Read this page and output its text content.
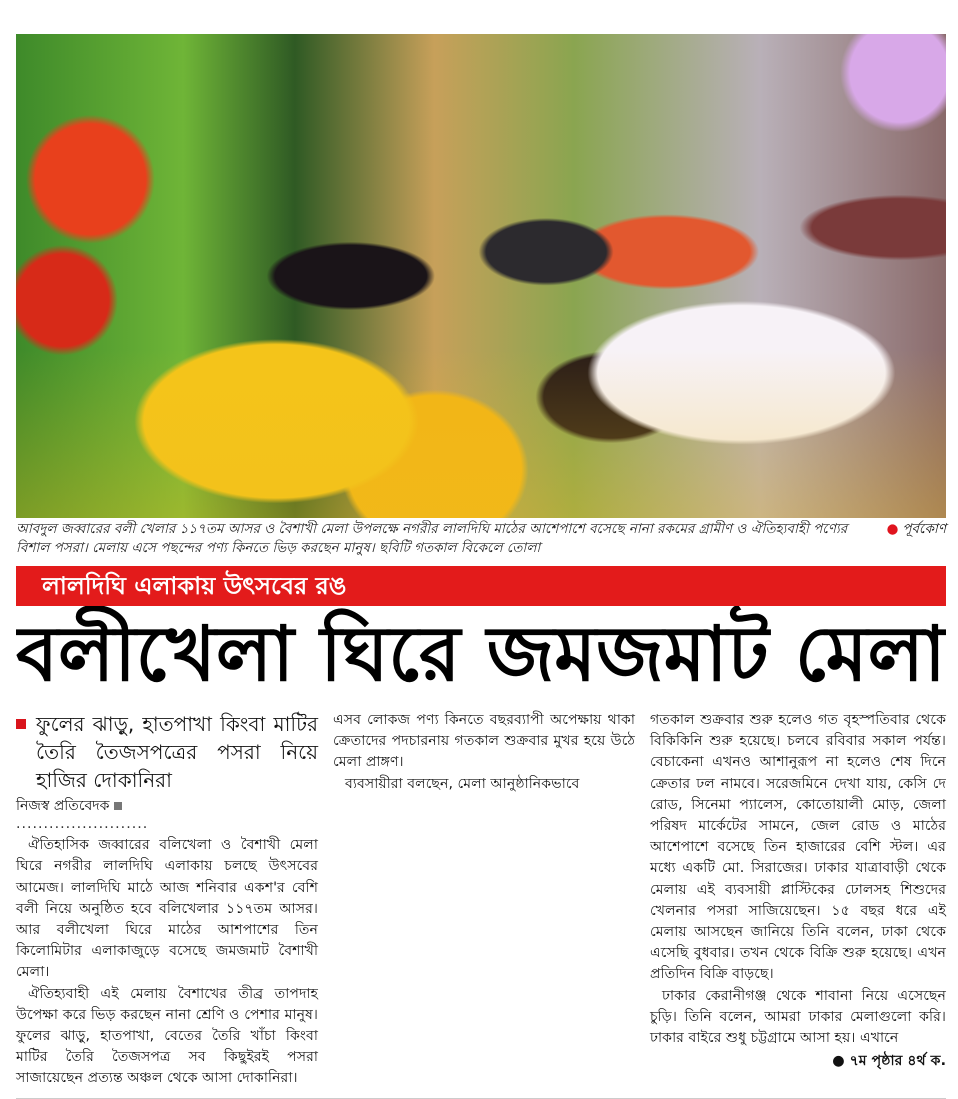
● পূর্বকোণ
আবদুল জব্বারের বলী খেলার ১১৭তম আসর ও বৈশাখী মেলা উপলক্ষে নগরীর লালদিঘি মাঠের আশেপাশে বসেছে নানা রকমের গ্রামীণ ও ঐতিহ্যবাহী পণ্যের বিশাল পসরা। মেলায় এসে পছন্দের পণ্য কিনতে ভিড় করছেন মানুষ। ছবিটি গতকাল বিকেলে তোলা
লালদিঘি এলাকায় উৎসবের রঙ
বলীখেলা ঘিরে জমজমাট মেলা
ফুলের ঝাড়ু, হাতপাখা কিংবা মাটির তৈরি তৈজসপত্রের পসরা নিয়ে হাজির দোকানিরা
নিজস্ব প্রতিবেদক
........................

ঐতিহাসিক জব্বারের বলিখেলা ও বৈশাখী মেলা ঘিরে নগরীর লালদিঘি এলাকায় চলছে উৎসবের আমেজ। লালদিঘি মাঠে আজ শনিবার একশ'র বেশি বলী নিয়ে অনুষ্ঠিত হবে বলিখেলার ১১৭তম আসর। আর বলীখেলা ঘিরে মাঠের আশপাশের তিন কিলোমিটার এলাকাজুড়ে বসেছে জমজমাট বৈশাখী মেলা।

ঐতিহ্যবাহী এই মেলায় বৈশাখের তীব্র তাপদাহ উপেক্ষা করে ভিড় করছেন নানা শ্রেণি ও পেশার মানুষ। ফুলের ঝাড়ু, হাতপাখা, বেতের তৈরি খাঁচা কিংবা মাটির তৈরি তৈজসপত্র সব কিছুইরই পসরা সাজায়েছেন প্রত্যন্ত অঞ্চল থেকে আসা দোকানিরা।

এসব লোকজ পণ্য কিনতে বছরব্যাপী অপেক্ষায় থাকা ক্রেতাদের পদচারনায় গতকাল শুক্রবার মুখর হয়ে উঠে মেলা প্রাঙ্গণ।

ব্যবসায়ীরা বলছেন, মেলা আনুষ্ঠানিকভাবে

গতকাল শুক্রবার শুরু হলেও গত বৃহস্পতিবার থেকে বিকিকিনি শুরু হয়েছে। চলবে রবিবার সকাল পর্যন্ত। বেচাকেনা এখনও আশানুরূপ না হলেও শেষ দিনে ক্রেতার ঢল নামবে। সরেজমিনে দেখা যায়, কেসি দে রোড, সিনেমা প্যালেস, কোতোয়ালী মোড়, জেলা পরিষদ মার্কেটের সামনে, জেল রোড ও মাঠের আশেপাশে বসেছে তিন হাজারের বেশি স্টল। এর মধ্যে একটি মো. সিরাজের। ঢাকার যাত্রাবাড়ী থেকে মেলায় এই ব্যবসায়ী প্লাস্টিকের ঢোলসহ শিশুদের খেলনার পসরা সাজিয়েছেন। ১৫ বছর ধরে এই মেলায় আসছেন জানিয়ে তিনি বলেন, ঢাকা থেকে এসেছি বুধবার। তখন থেকে বিক্রি শুরু হয়েছে। এখন প্রতিদিন বিক্রি বাড়ছে।

ঢাকার কেরানীগঞ্জ থেকে শাবানা নিয়ে এসেছেন চুড়ি। তিনি বলেন, আমরা ঢাকার মেলাগুলো করি। ঢাকার বাইরে শুধু চট্টগ্রামে আসা হয়। এখানে

● ৭ম পৃষ্ঠার ৪র্থ ক.
